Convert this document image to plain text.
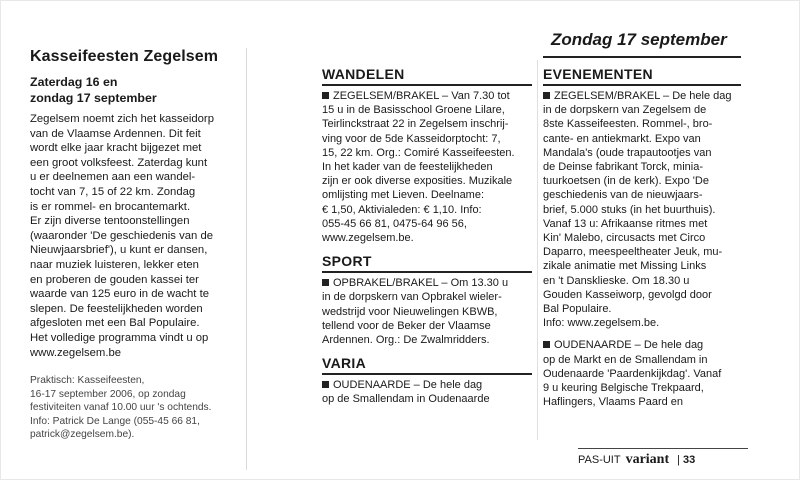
Kasseifeesten Zegelsem
Zaterdag 16 en
zondag 17 september

Zegelsem noemt zich het kasseidorp

van de Vlaamse Ardennen. Dit feit

wordt elke jaar kracht bijgezet met

een groot volksfeest. Zaterdag kunt

u er deelnemen aan een wandel-

tocht van 7, 15 of 22 km. Zondag

is er rommel- en brocantemarkt.

Er zijn diverse tentoonstellingen

(waaronder 'De geschiedenis van de

Nieuwjaarsbrief'), u kunt er dansen,

naar muziek luisteren, lekker eten

en proberen de gouden kassei ter

waarde van 125 euro in de wacht te

slepen. De feestelijkheden worden

afgesloten met een Bal Populaire.

Het volledige programma vindt u op

www.zegelsem.be

Praktisch: Kasseifeesten,

16-17 september 2006, op zondag

festiviteiten vanaf 10.00 uur 's ochtends.

Info: Patrick De Lange (055-45 66 81,

patrick@zegelsem.be).

Zondag 17 september
WANDELEN

ZEGELSEM/BRAKEL – Van 7.30 tot

15 u in de Basisschool Groene Lilare,

Teirlinckstraat 22 in Zegelsem inschrij-

ving voor de 5de Kasseidorptocht: 7,

15, 22 km. Org.: Comiré Kasseifeesten.

In het kader van de feestelijkheden

zijn er ook diverse exposities. Muzikale

omlijsting met Lieven. Deelname:

€ 1,50, Aktivialeden: € 1,10. Info:

055-45 66 81, 0475-64 96 56,

www.zegelsem.be.

SPORT

OPBRAKEL/BRAKEL – Om 13.30 u

in de dorpskern van Opbrakel wieler-

wedstrijd voor Nieuwelingen KBWB,

tellend voor de Beker der Vlaamse

Ardennen. Org.: De Zwalmridders.

VARIA

OUDENAARDE – De hele dag

op de Smallendam in Oudenaarde

EVENEMENTEN

ZEGELSEM/BRAKEL – De hele dag

in de dorpskern van Zegelsem de

8ste Kasseifeesten. Rommel-, bro-

cante- en antiekmarkt. Expo van

Mandala's (oude trapautootjes van

de Deinse fabrikant Torck, minia-

tuurkoetsen (in de kerk). Expo 'De

geschiedenis van de nieuwjaars-

brief, 5.000 stuks (in het buurthuis).

Vanaf 13 u: Afrikaanse ritmes met

Kin' Malebo, circusacts met Circo

Daparro, meespeeltheater Jeuk, mu-

zikale animatie met Missing Links

en 't Dansklieske. Om 18.30 u

Gouden Kasseiworp, gevolgd door

Bal Populaire.

Info: www.zegelsem.be.

OUDENAARDE – De hele dag

op de Markt en de Smallendam in

Oudenaarde 'Paardenkijkdag'. Vanaf

9 u keuring Belgische Trekpaard,

Haflingers, Vlaams Paard en

PAS-UIT variant | 33
